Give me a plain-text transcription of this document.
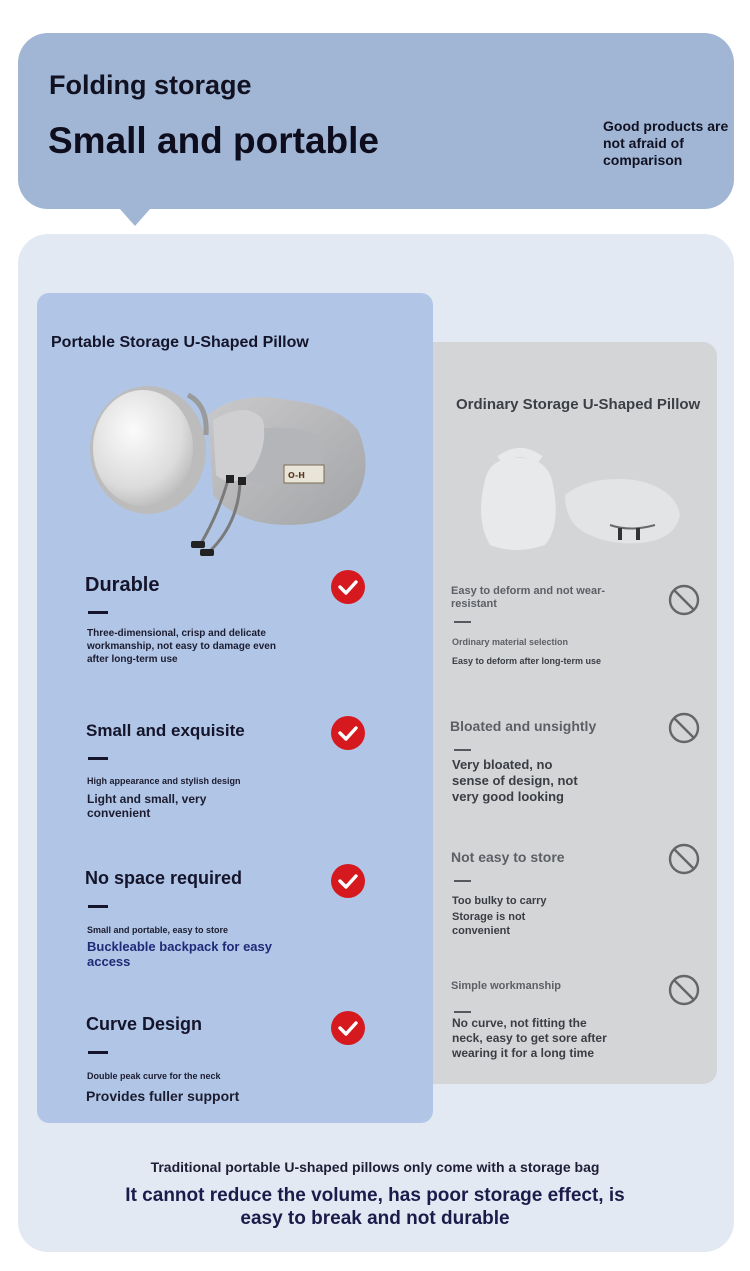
Folding storage
Small and portable	Good products are not afraid of comparison
Portable Storage U-Shaped Pillow
Ordinary Storage U-Shaped Pillow
O-H
Durable
Three-dimensional, crisp and delicate workmanship, not easy to damage even after long-term use
Small and exquisite
High appearance and stylish design
Light and small, very convenient
No space required
Small and portable, easy to store
Buckleable backpack for easy access
Curve Design
Double peak curve for the neck
Provides fuller support
Easy to deform and not wear-resistant
Ordinary material selection
Easy to deform after long-term use
Bloated and unsightly
Very bloated, no sense of design, not very good looking
Not easy to store
Too bulky to carry
Storage is not convenient
Simple workmanship
No curve, not fitting the neck, easy to get sore after wearing it for a long time
Traditional portable U-shaped pillows only come with a storage bag
It cannot reduce the volume, has poor storage effect, is easy to break and not durable
